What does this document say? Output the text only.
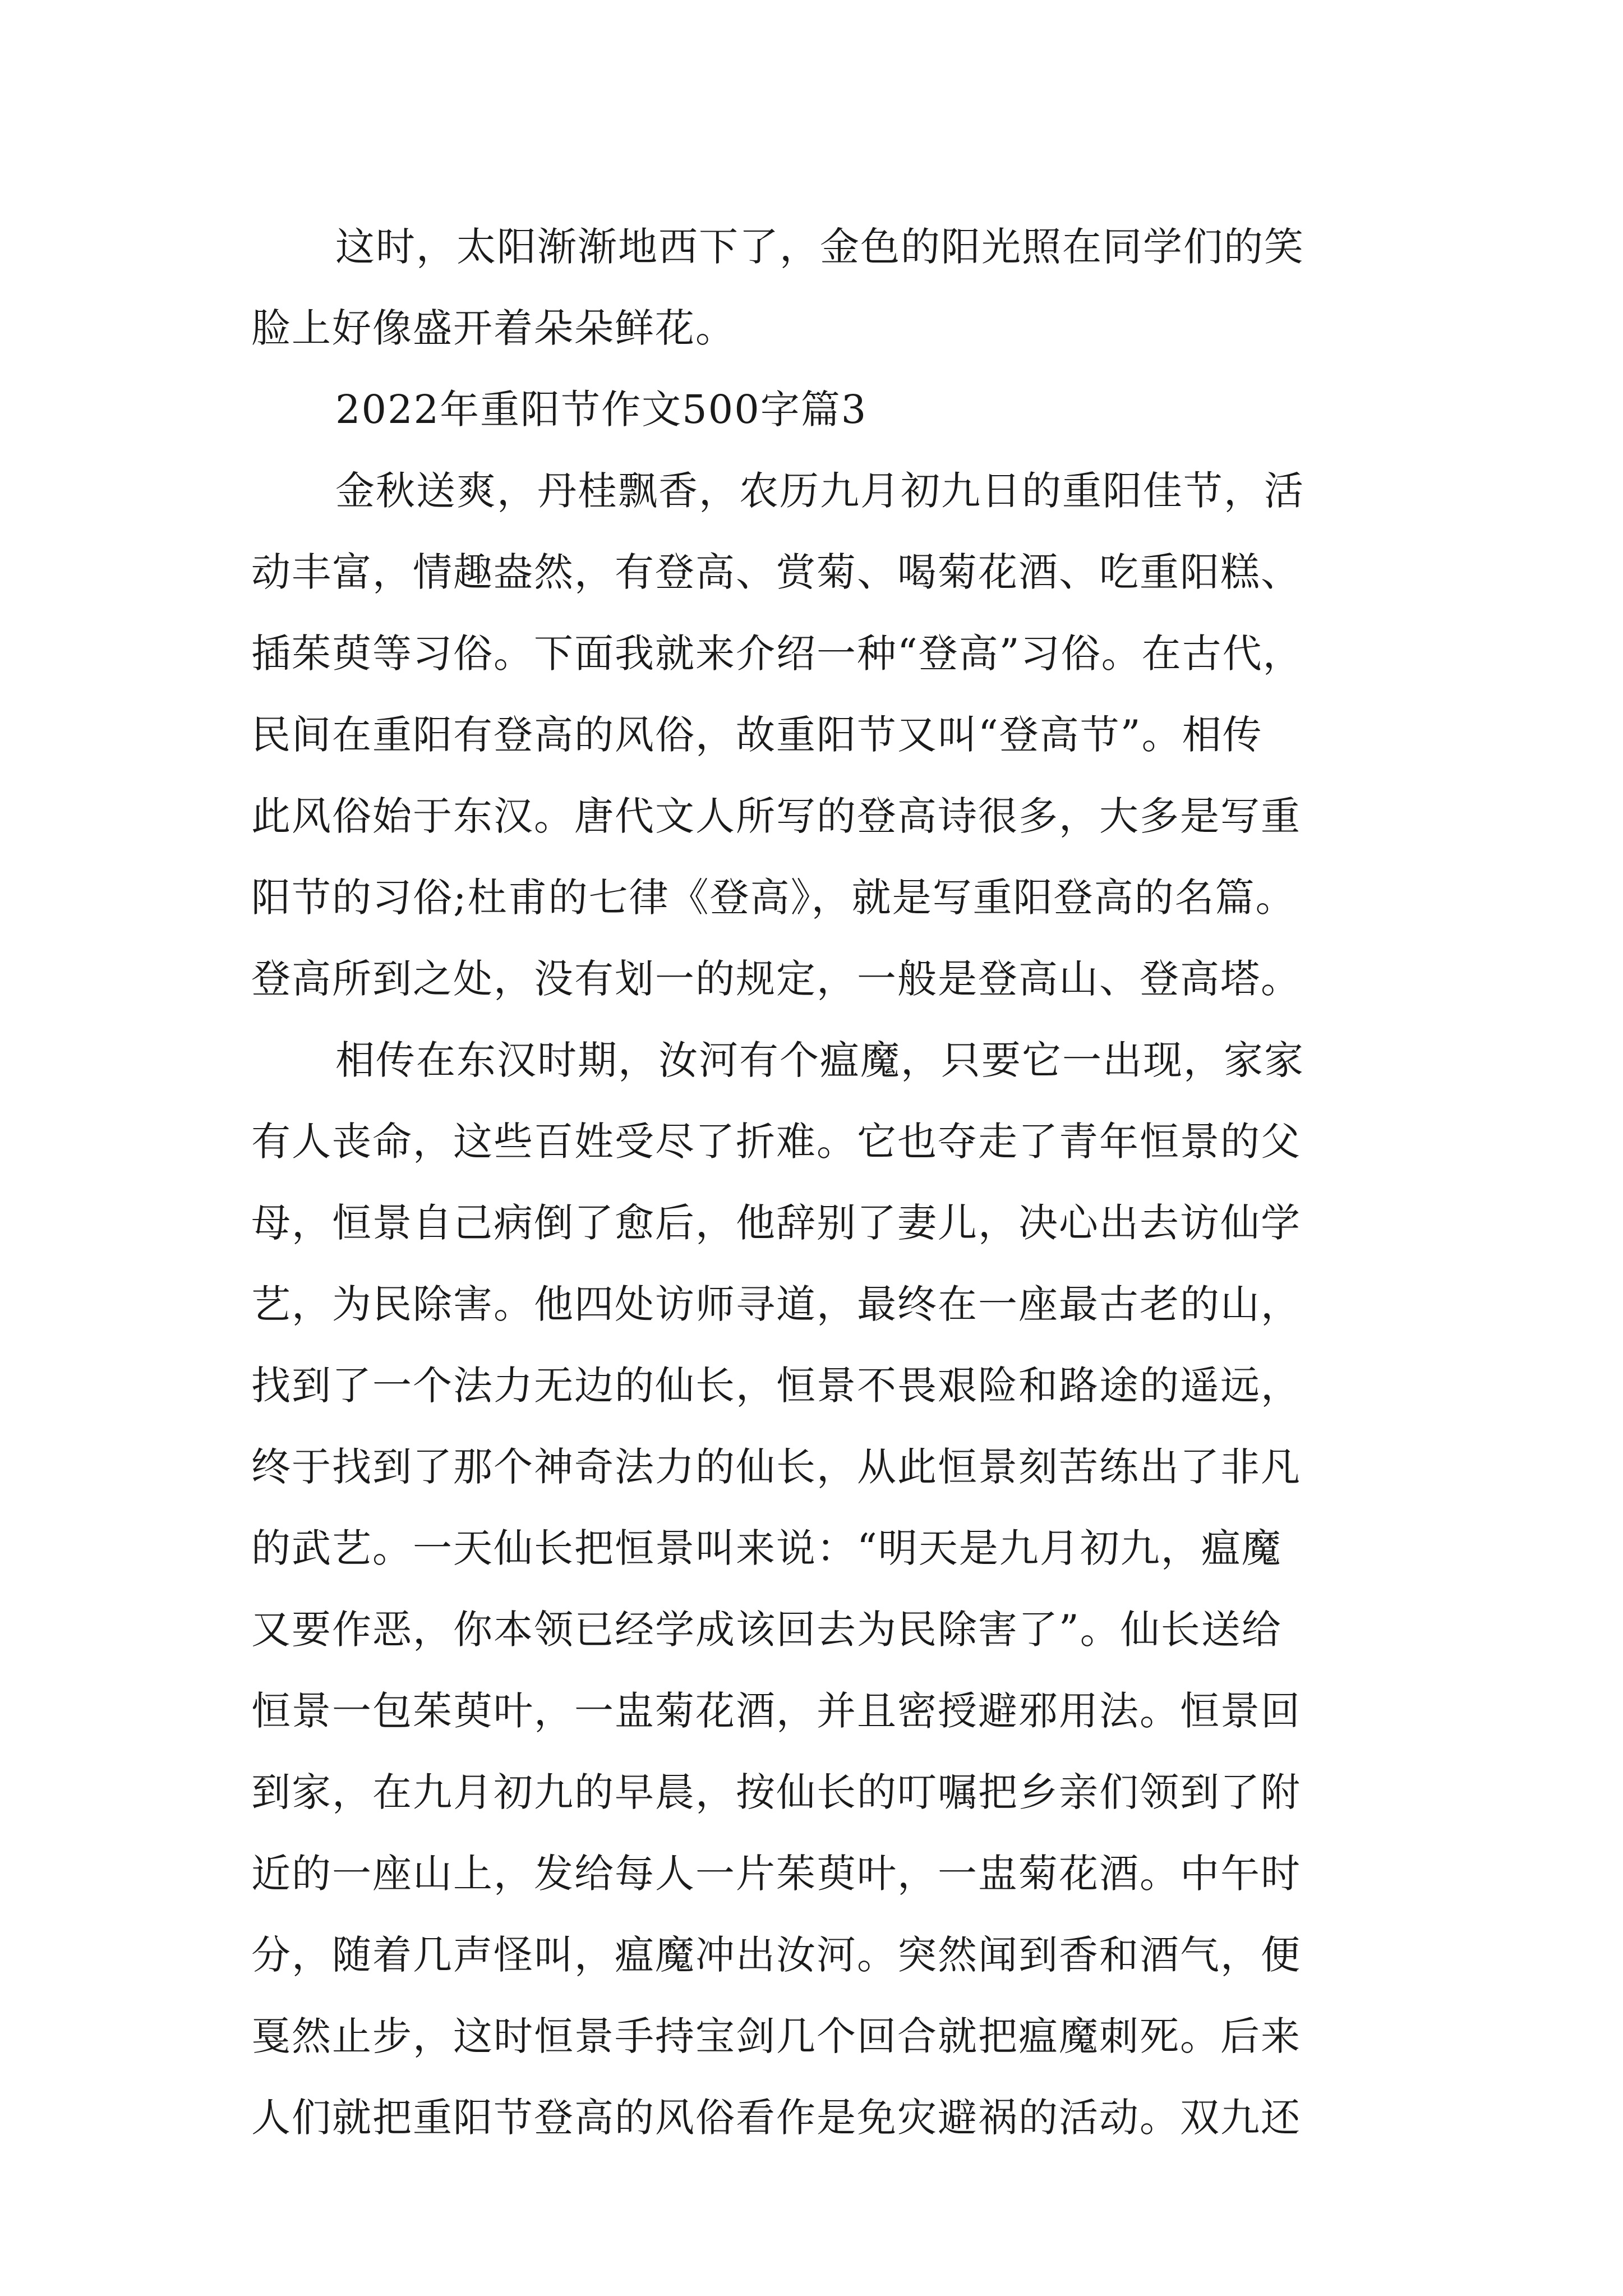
这时，太阳渐渐地西下了，金色的阳光照在同学们的笑
脸上好像盛开着朵朵鲜花。
2022年重阳节作文500字篇3
金秋送爽，丹桂飘香，农历九月初九日的重阳佳节，活
动丰富，情趣盎然，有登高、赏菊、喝菊花酒、吃重阳糕、
插茱萸等习俗。下面我就来介绍一种“登高”习俗。在古代，
民间在重阳有登高的风俗，故重阳节又叫“登高节”。相传
此风俗始于东汉。唐代文人所写的登高诗很多，大多是写重
阳节的习俗;杜甫的七律《登高》，就是写重阳登高的名篇。
登高所到之处，没有划一的规定，一般是登高山、登高塔。
相传在东汉时期，汝河有个瘟魔，只要它一出现，家家
有人丧命，这些百姓受尽了折难。它也夺走了青年恒景的父
母，恒景自己病倒了愈后，他辞别了妻儿，决心出去访仙学
艺，为民除害。他四处访师寻道，最终在一座最古老的山，
找到了一个法力无边的仙长，恒景不畏艰险和路途的遥远，
终于找到了那个神奇法力的仙长，从此恒景刻苦练出了非凡
的武艺。一天仙长把恒景叫来说：“明天是九月初九，瘟魔
又要作恶，你本领已经学成该回去为民除害了”。仙长送给
恒景一包茱萸叶，一盅菊花酒，并且密授避邪用法。恒景回
到家，在九月初九的早晨，按仙长的叮嘱把乡亲们领到了附
近的一座山上，发给每人一片茱萸叶，一盅菊花酒。中午时
分，随着几声怪叫，瘟魔冲出汝河。突然闻到香和酒气，便
戛然止步，这时恒景手持宝剑几个回合就把瘟魔刺死。后来
人们就把重阳节登高的风俗看作是免灾避祸的活动。双九还
